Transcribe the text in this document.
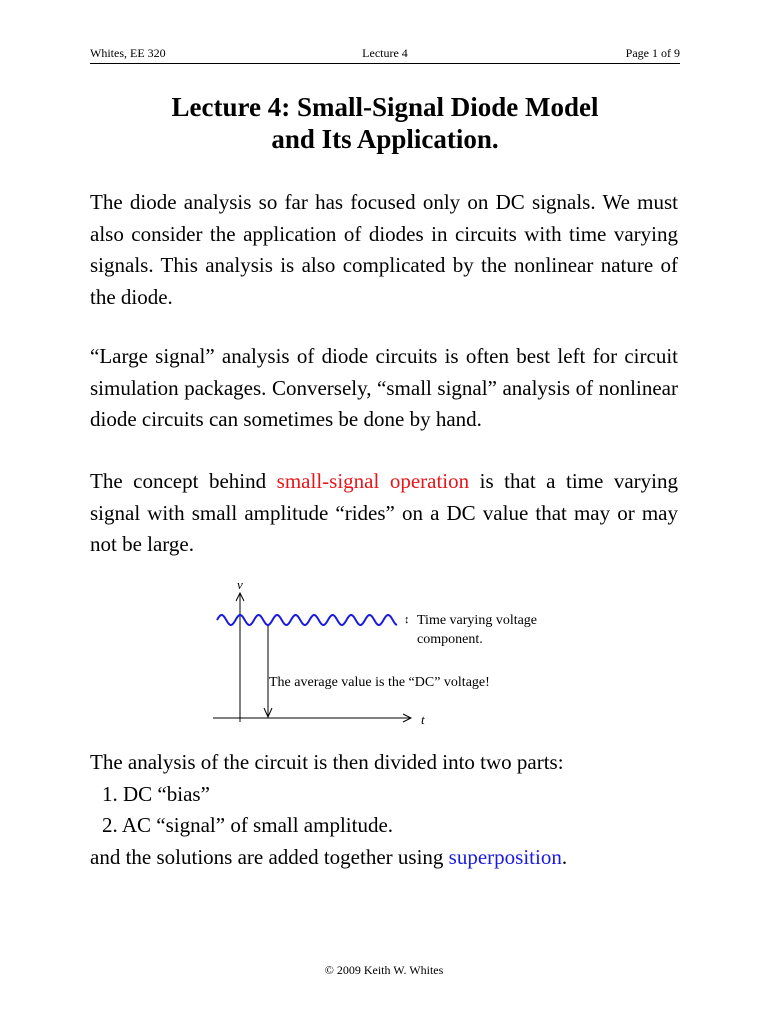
Whites, EE 320	Lecture 4	Page 1 of 9
Lecture 4: Small-Signal Diode Model
and Its Application.
The diode analysis so far has focused only on DC signals. We must also consider the application of diodes in circuits with time varying signals. This analysis is also complicated by the nonlinear nature of the diode.
“Large signal” analysis of diode circuits is often best left for circuit simulation packages. Conversely, “small signal” analysis of nonlinear diode circuits can sometimes be done by hand.
The concept behind small-signal operation is that a time varying signal with small amplitude “rides” on a DC value that may or may not be large.
v
t
↕ Time varying voltage
component.
The average value is the “DC” voltage!
The analysis of the circuit is then divided into two parts:
1. DC “bias”
2. AC “signal” of small amplitude.
and the solutions are added together using superposition.
© 2009 Keith W. Whites
